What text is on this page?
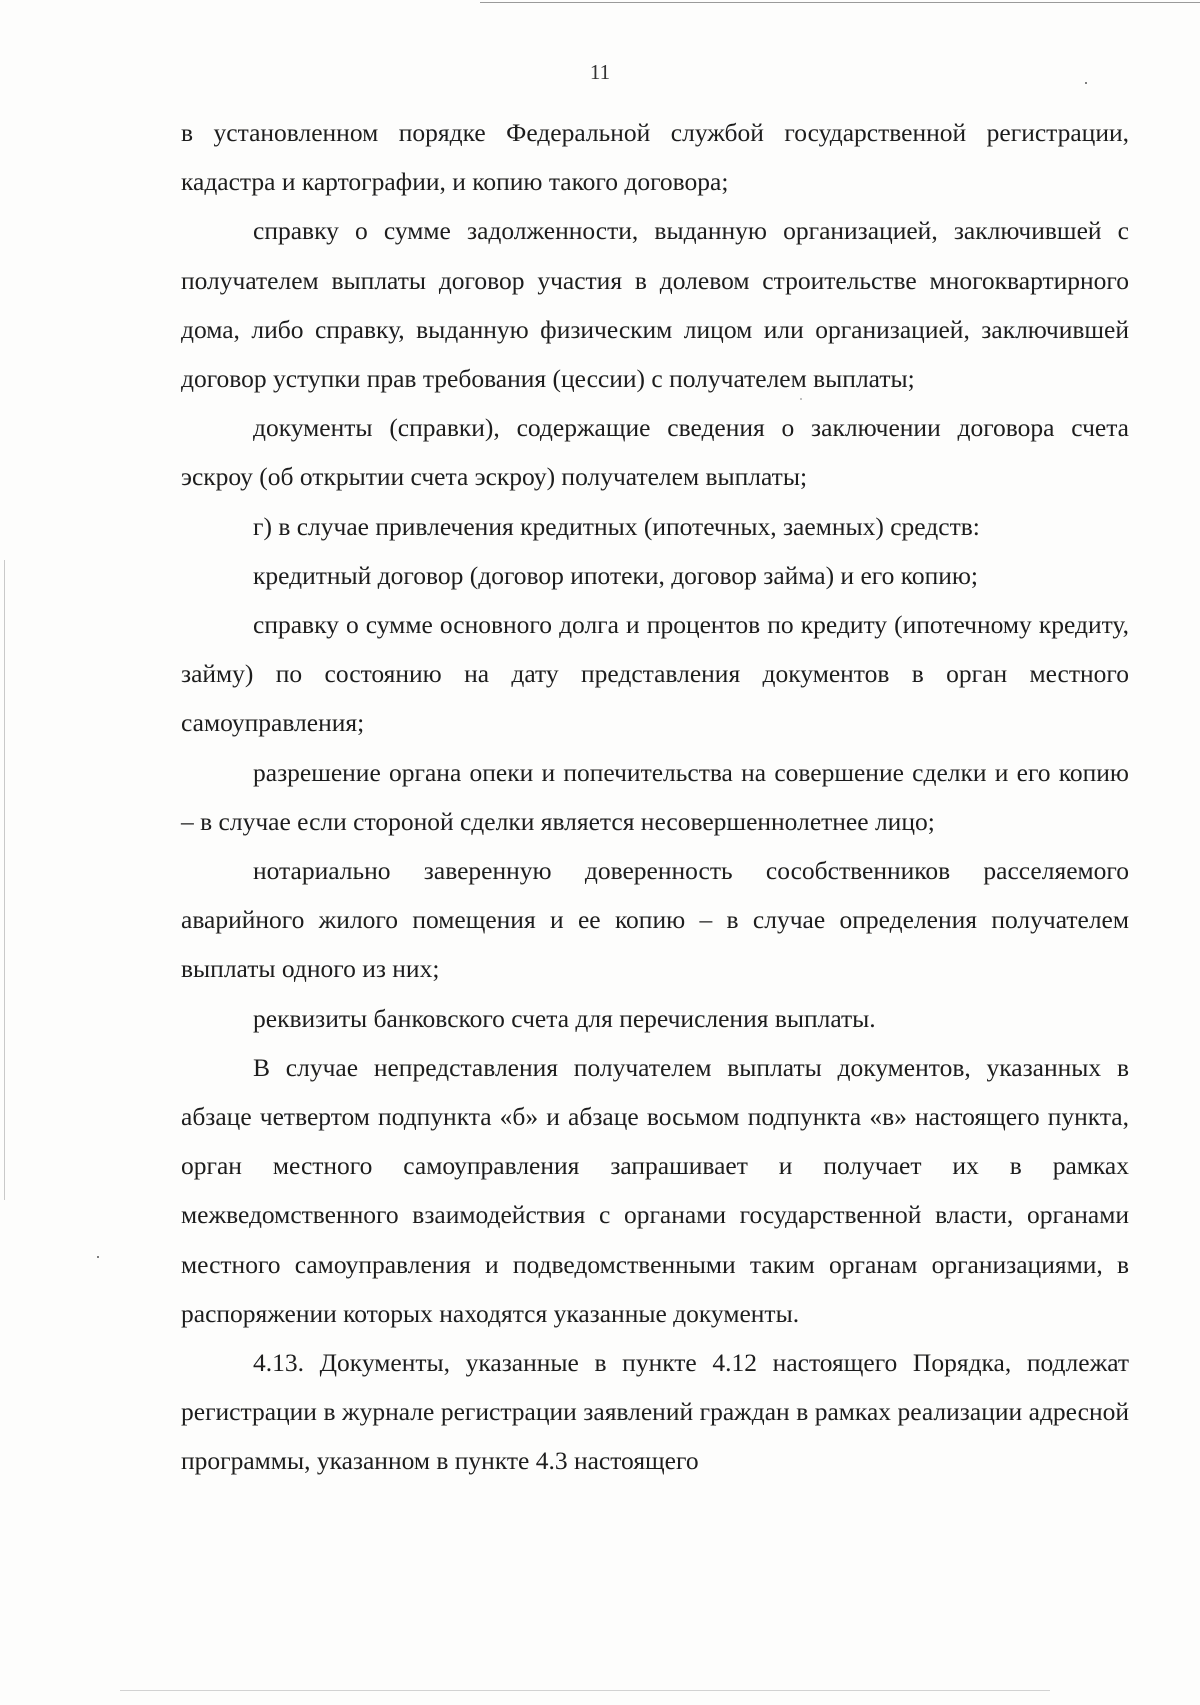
11

в установленном порядке Федеральной службой государственной регистрации, кадастра и картографии, и копию такого договора;

справку о сумме задолженности, выданную организацией, заключившей с получателем выплаты договор участия в долевом строительстве многоквартирного дома, либо справку, выданную физическим лицом или организацией, заключившей договор уступки прав требования (цессии) с получателем выплаты;

документы (справки), содержащие сведения о заключении договора счета эскроу (об открытии счета эскроу) получателем выплаты;

г) в случае привлечения кредитных (ипотечных, заемных) средств:

кредитный договор (договор ипотеки, договор займа) и его копию;

справку о сумме основного долга и процентов по кредиту (ипотечному кредиту, займу) по состоянию на дату представления документов в орган местного самоуправления;

разрешение органа опеки и попечительства на совершение сделки и его копию – в случае если стороной сделки является несовершеннолетнее лицо;

нотариально заверенную доверенность сособственников расселяемого аварийного жилого помещения и ее копию – в случае определения получателем выплаты одного из них;

реквизиты банковского счета для перечисления выплаты.

В случае непредставления получателем выплаты документов, указанных в абзаце четвертом подпункта «б» и абзаце восьмом подпункта «в» настоящего пункта, орган местного самоуправления запрашивает и получает их в рамках межведомственного взаимодействия с органами государственной власти, органами местного самоуправления и подведомственными таким органам организациями, в распоряжении которых находятся указанные документы.

4.13. Документы, указанные в пункте 4.12 настоящего Порядка, подлежат регистрации в журнале регистрации заявлений граждан в рамках реализации адресной программы, указанном в пункте 4.3 настоящего
